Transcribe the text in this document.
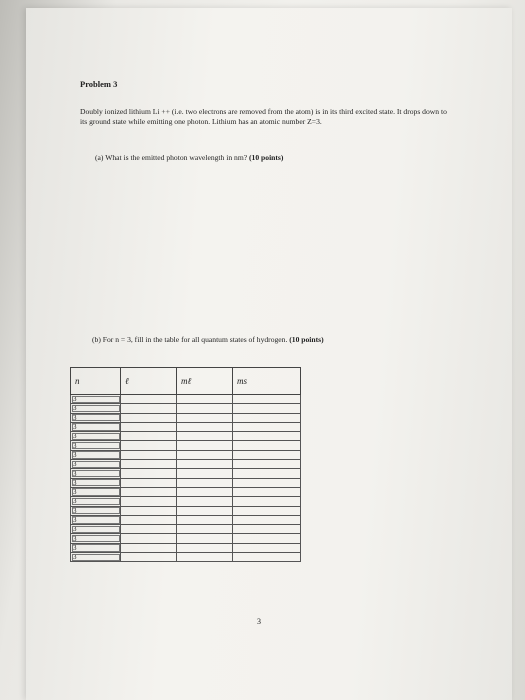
Problem 3
Doubly ionized lithium Li ++ (i.e. two electrons are removed from the atom) is in its third excited state. It drops down to its ground state while emitting one photon. Lithium has an atomic number Z=3.
(a) What is the emitted photon wavelength in nm? (10 points)
(b) For n = 3, fill in the table for all quantum states of hydrogen. (10 points)
n	ℓ	mℓ	ms
3			
3			
3			
3			
3			
3			
3			
3			
3			
3			
3			
3			
3			
3			
3			
3			
3			
3			
3
